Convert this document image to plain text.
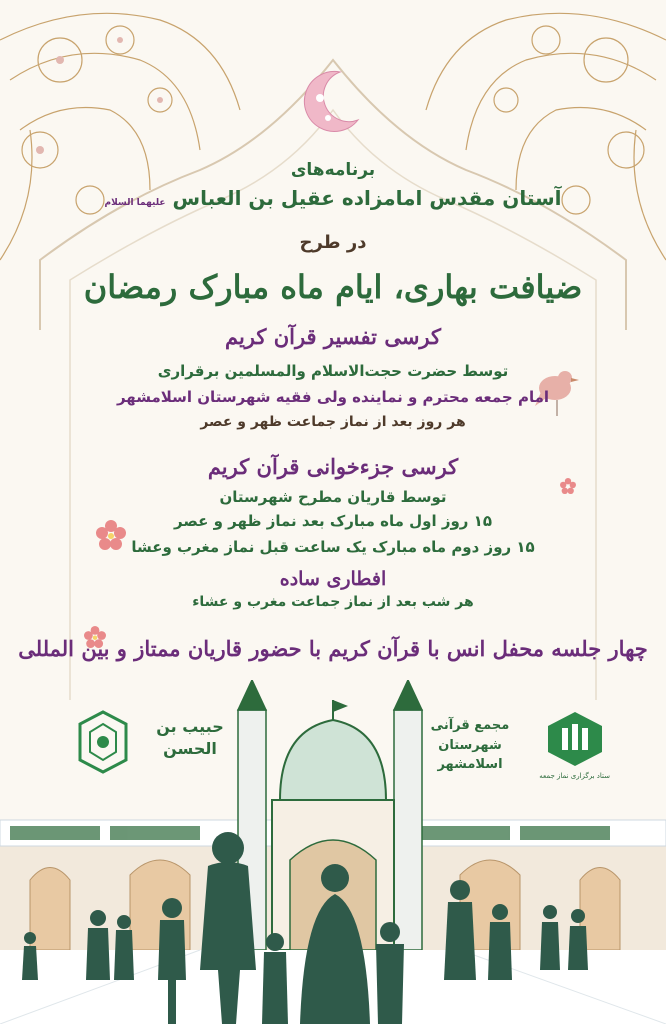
برنامه‌های
آستان مقدس امامزاده عقیل بن العباس علیهما السلام
در طرح
ضیافت بهاری، ایام ماه مبارک رمضان
کرسی تفسیر قرآن کریم
توسط حضرت حجت‌الاسلام والمسلمین برقراری
امام جمعه محترم و نماینده ولی فقیه شهرستان اسلامشهر
هر روز بعد از نماز جماعت ظهر و عصر
کرسی جزءخوانی قرآن کریم
توسط قاریان مطرح شهرستان
۱۵ روز اول ماه مبارک بعد نماز ظهر و عصر
۱۵ روز دوم ماه مبارک یک ساعت قبل نماز مغرب وعشا
افطاری ساده
هر شب بعد از نماز جماعت مغرب و عشاء
چهار جلسه محفل انس با قرآن کریم با حضور قاریان ممتاز و بین المللی
ستاد برگزاری نماز جمعه
مجمع قرآنی شهرستان اسلامشهر
حبیب بن الحسن
